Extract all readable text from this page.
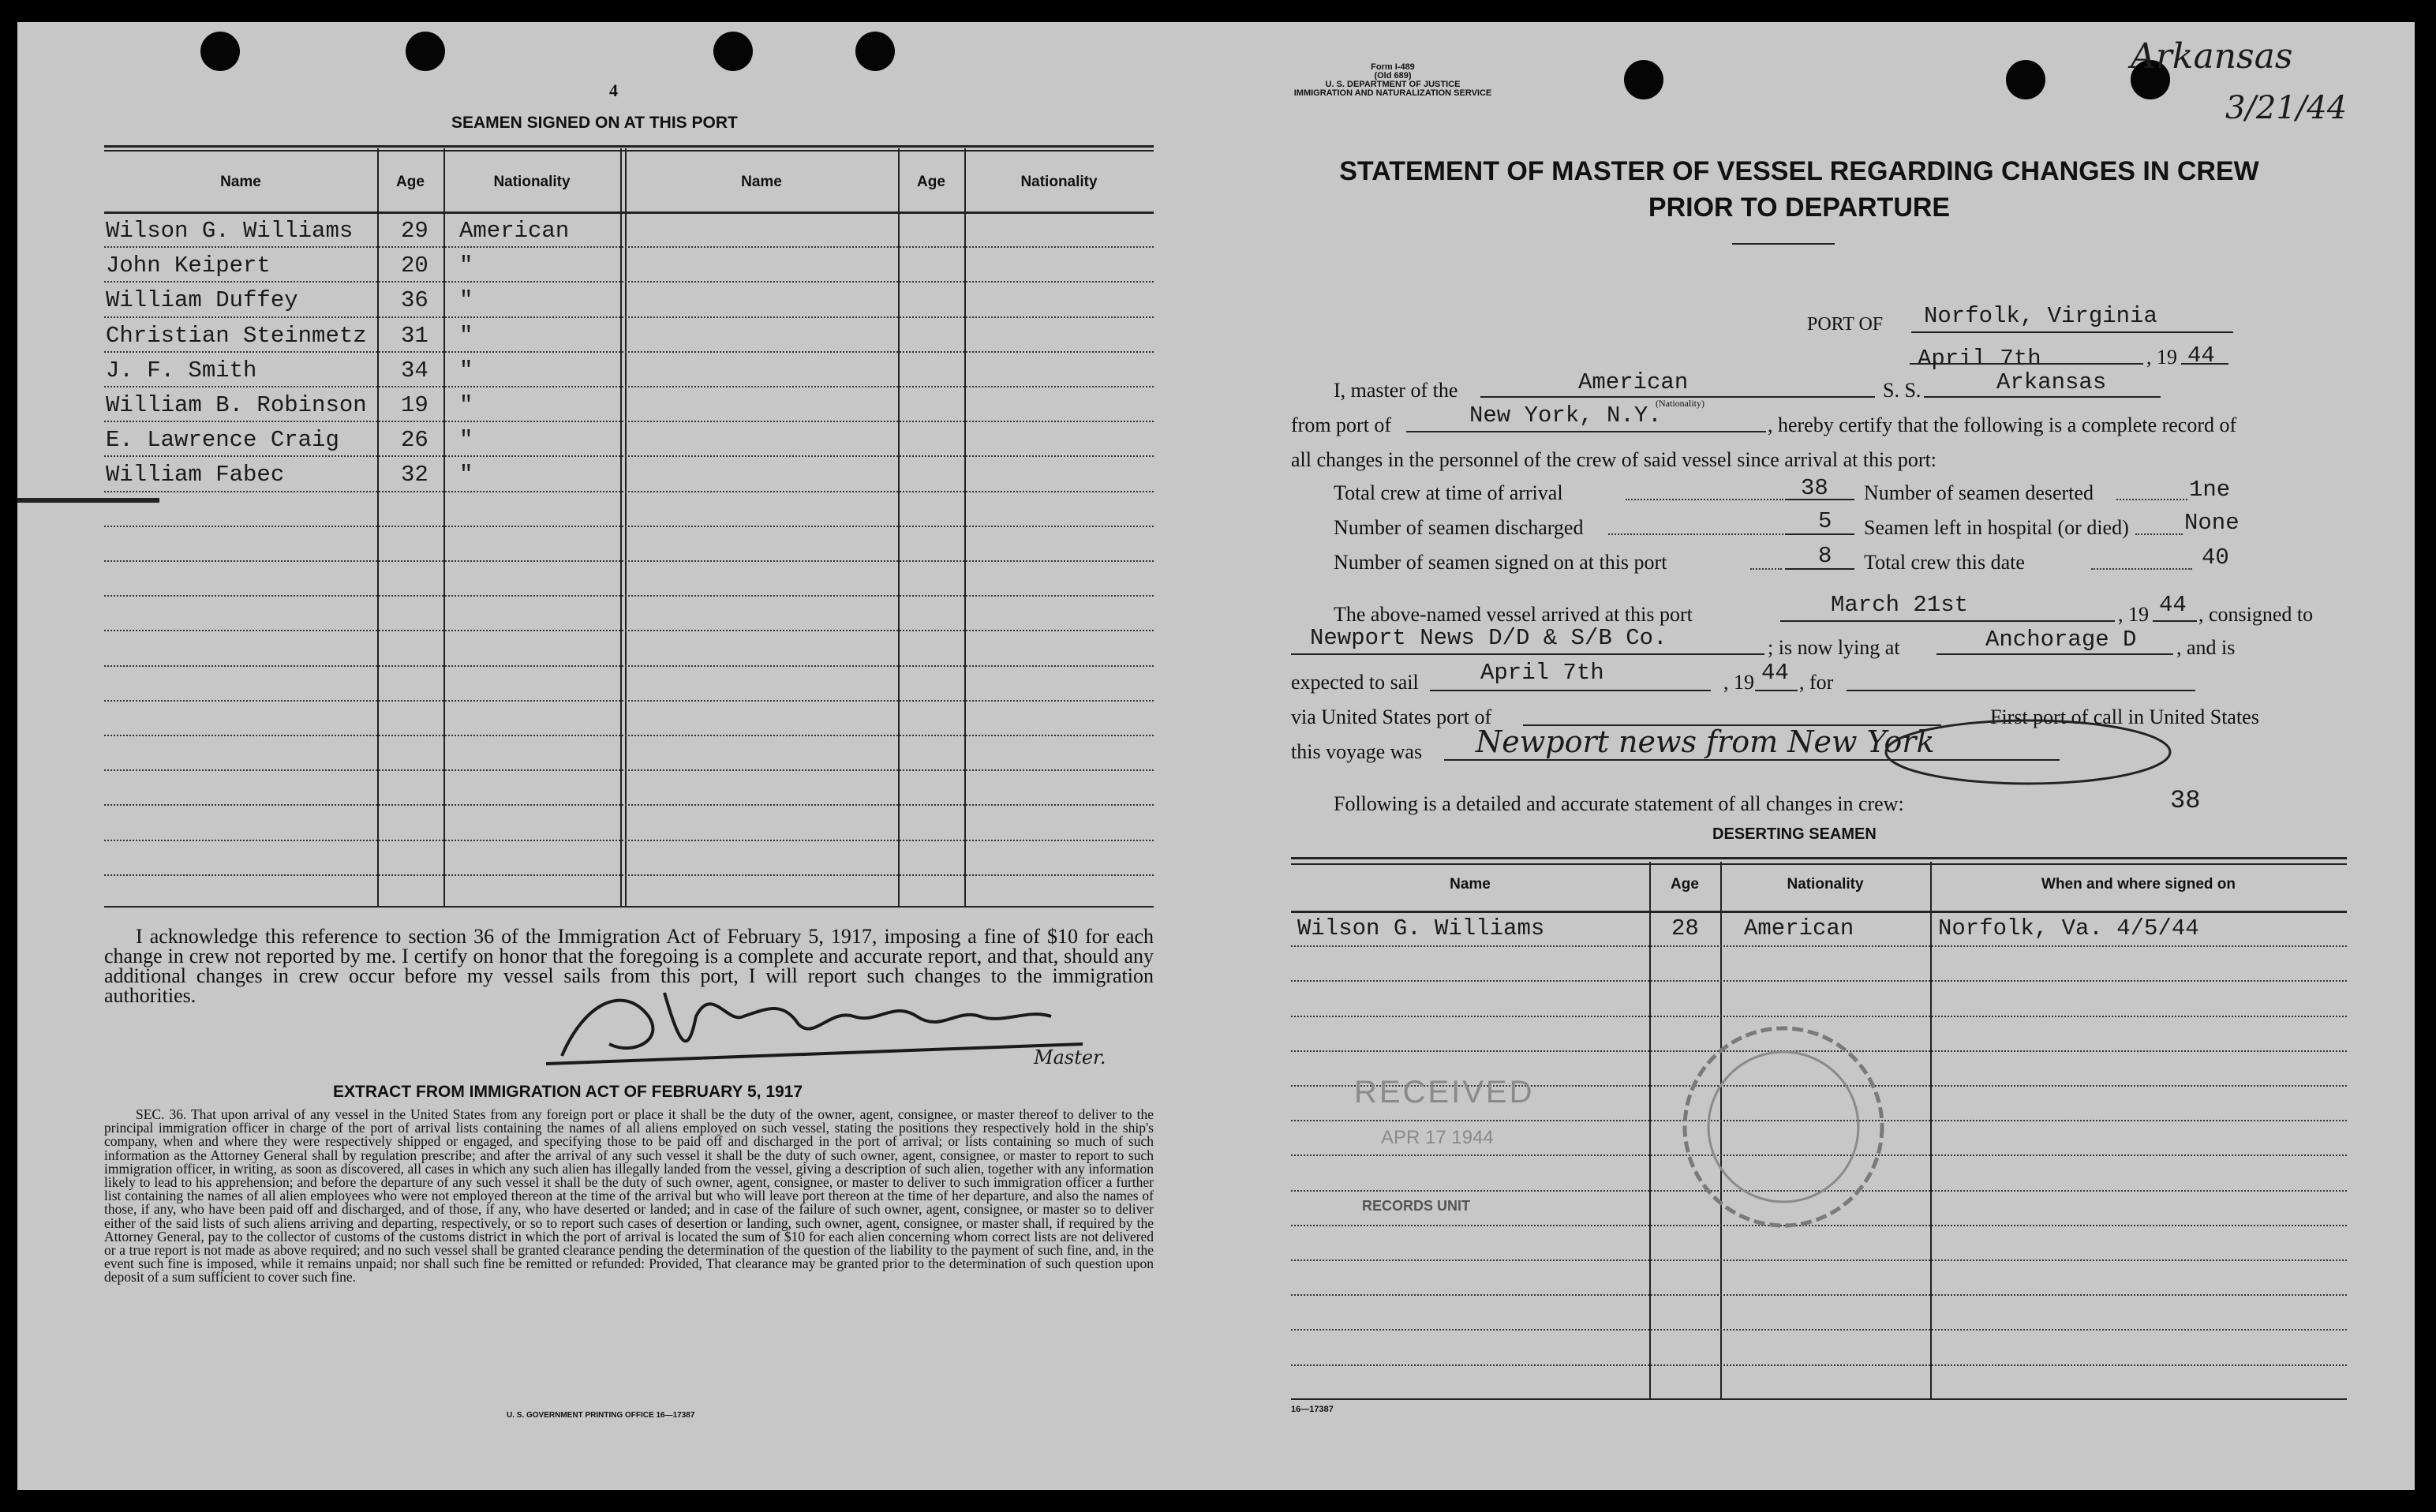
4
SEAMEN SIGNED ON AT THIS PORT
Name	Age	Nationality	Name	Age	Nationality
Wilson G. Williams 29 American
John Keipert	20 "
William Duffey	36 "
Christian Steinmetz 31 "
J. F. Smith	34 "
William B. Robinson 19 "
E. Lawrence Craig	26 "
William Fabec	32 "
I acknowledge this reference to section 36 of the Immigration Act of February 5, 1917, imposing a fine of $10 for each change in crew not reported by me. I certify on honor that the foregoing is a complete and accurate report, and that, should any additional changes in crew occur before my vessel sails from this port, I will report such changes to the immigration authorities.
Master.
EXTRACT FROM IMMIGRATION ACT OF FEBRUARY 5, 1917
SEC. 36. That upon arrival of any vessel in the United States from any foreign port or place it shall be the duty of the owner, agent, consignee, or master thereof to deliver to the principal immigration officer in charge of the port of arrival lists containing the names of all aliens employed on such vessel, stating the positions they respectively hold in the ship's company, when and where they were respectively shipped or engaged, and specifying those to be paid off and discharged in the port of arrival; or lists containing so much of such information as the Attorney General shall by regulation prescribe; and after the arrival of any such vessel it shall be the duty of such owner, agent, consignee, or master to report to such immigration officer, in writing, as soon as discovered, all cases in which any such alien has illegally landed from the vessel, giving a description of such alien, together with any information likely to lead to his apprehension; and before the departure of any such vessel it shall be the duty of such owner, agent, consignee, or master to deliver to such immigration officer a further list containing the names of all alien employees who were not employed thereon at the time of the arrival but who will leave port thereon at the time of her departure, and also the names of those, if any, who have been paid off and discharged, and of those, if any, who have deserted or landed; and in case of the failure of such owner, agent, consignee, or master so to deliver either of the said lists of such aliens arriving and departing, respectively, or so to report such cases of desertion or landing, such owner, agent, consignee, or master shall, if required by the Attorney General, pay to the collector of customs of the customs district in which the port of arrival is located the sum of $10 for each alien concerning whom correct lists are not delivered or a true report is not made as above required; and no such vessel shall be granted clearance pending the determination of the question of the liability to the payment of such fine, and, in the event such fine is imposed, while it remains unpaid; nor shall such fine be remitted or refunded: Provided, That clearance may be granted prior to the determination of such question upon deposit of a sum sufficient to cover such fine.
U. S. GOVERNMENT PRINTING OFFICE 16—17387
Form I-489
(Old 689)
U. S. DEPARTMENT OF JUSTICE
IMMIGRATION AND NATURALIZATION SERVICE
Arkansas
3/21/44
STATEMENT OF MASTER OF VESSEL REGARDING CHANGES IN CREW
PRIOR TO DEPARTURE
PORT OF Norfolk, Virginia
April 7th	, 19 44
I, master of the	American
(Nationality)
S. S.	Arkansas
from port of	New York, N.Y.	, hereby certify that the following is a complete record of
all changes in the personnel of the crew of said vessel since arrival at this port:
Total crew at time of arrival	38 Number of seamen deserted	1ne
Number of seamen discharged	5 Seamen left in hospital (or died) None
Number of seamen signed on at this port	8 Total crew this date	40
The above-named vessel arrived at this port	March 21st	, 19 44 , consigned to
Newport News D/D & S/B Co.	; is now lying at	Anchorage D , and is
expected to sail	April 7th	, 19 44 , for
via United States port of	First port of call in United States
this voyage was Newport news from New York
Following is a detailed and accurate statement of all changes in crew:	38
DESERTING SEAMEN
Name	Age	Nationality	When and where signed on
Wilson G. Williams	28 American	Norfolk, Va. 4/5/44
RECEIVED
APR 17 1944
RECORDS UNIT
16—17387
